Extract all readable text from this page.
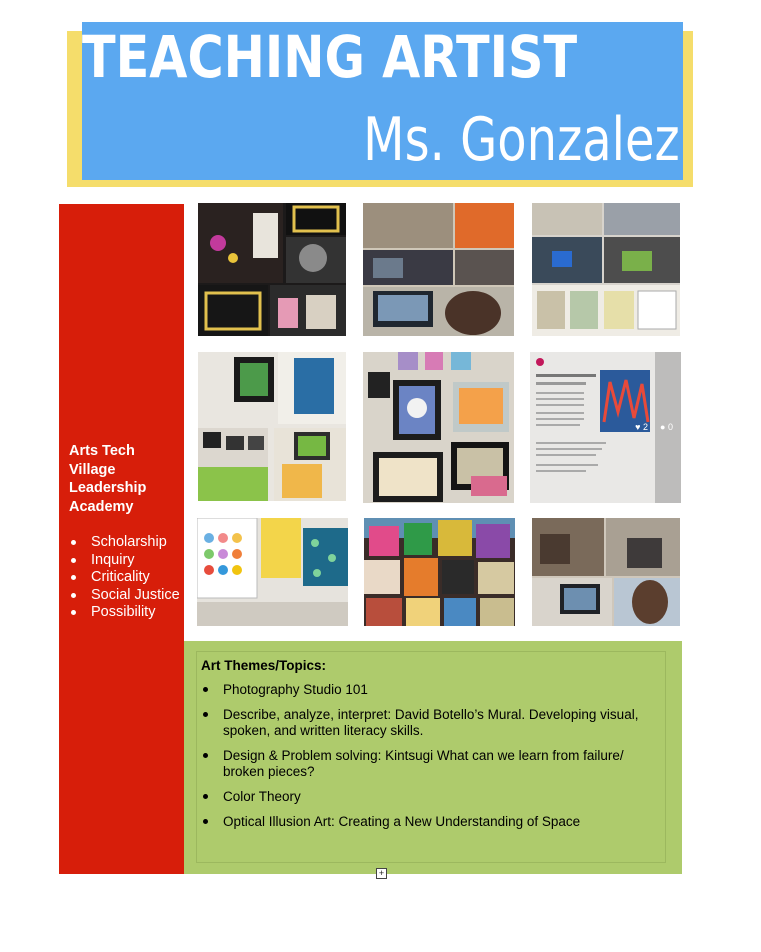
TEACHING ARTIST
Ms. Gonzalez
Arts Tech Village Leadership Academy
Scholarship
Inquiry
Criticality
Social Justice
Possibility
♥ 2 ● 0
Art Themes/Topics:
Photography Studio 101
Describe, analyze, interpret: David Botello’s Mural. Developing visual, spoken, and written literacy skills.
Design & Problem solving: Kintsugi What can we learn from failure/ broken pieces?
Color Theory
Optical Illusion Art: Creating a New Understanding of Space
+
